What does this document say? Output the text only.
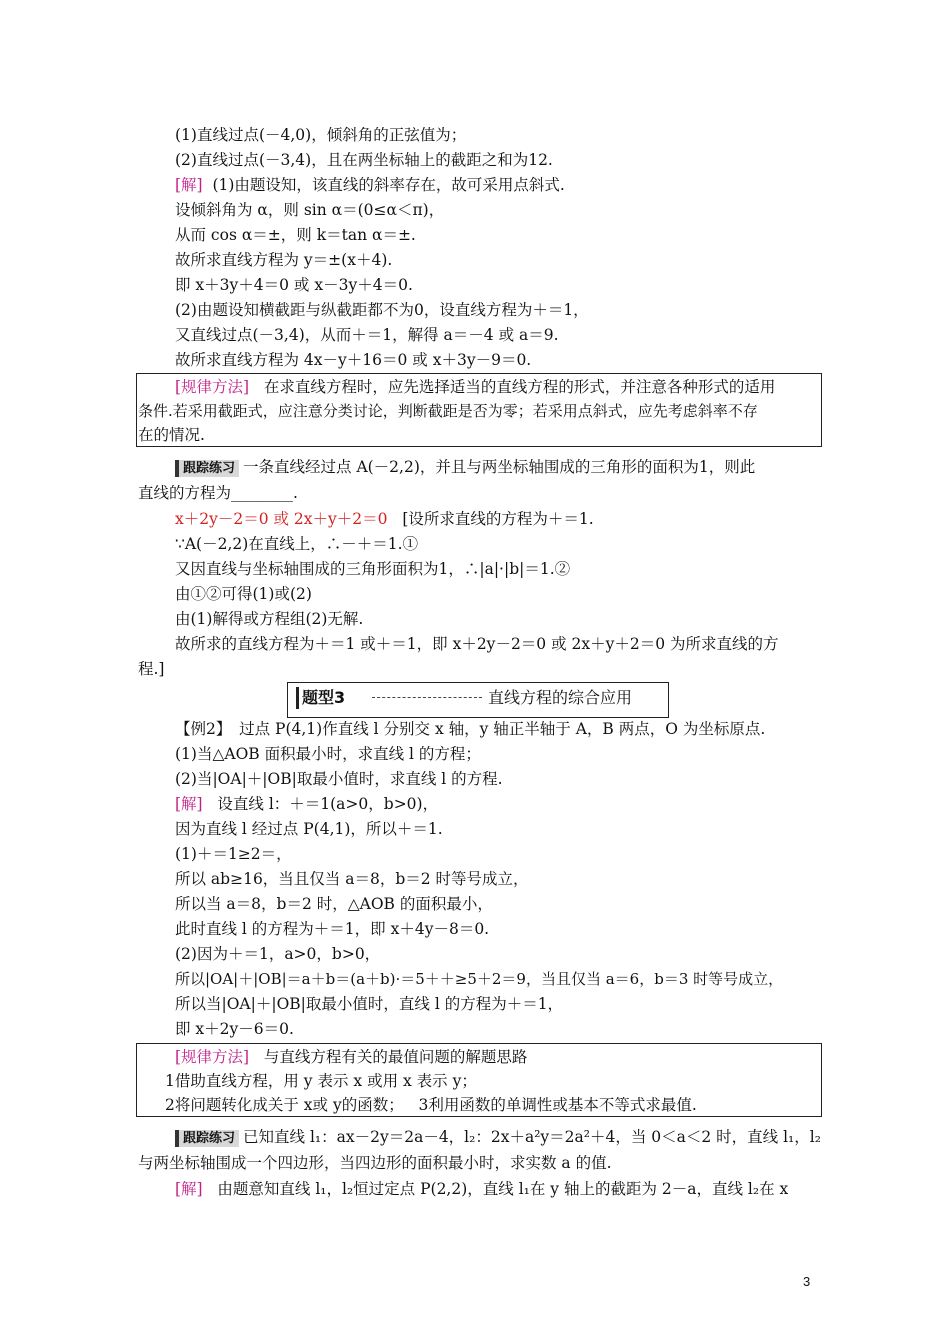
(1)直线过点(－4,0)，倾斜角的正弦值为；
(2)直线过点(－3,4)，且在两坐标轴上的截距之和为12.
[解] (1)由题设知，该直线的斜率存在，故可采用点斜式.
设倾斜角为 α，则 sin α＝(0≤α＜π)，
从而 cos α＝±，则 k＝tan α＝±.
故所求直线方程为 y＝±(x＋4).
即 x＋3y＋4＝0 或 x－3y＋4＝0.
(2)由题设知横截距与纵截距都不为0，设直线方程为＋＝1，
又直线过点(－3,4)，从而＋＝1，解得 a＝－4 或 a＝9.
故所求直线方程为 4x－y＋16＝0 或 x＋3y－9＝0.
[规律方法] 在求直线方程时，应先选择适当的直线方程的形式，并注意各种形式的适用
条件.若采用截距式，应注意分类讨论，判断截距是否为零；若采用点斜式，应先考虑斜率不存
在的情况.
跟踪练习 一条直线经过点 A(－2,2)，并且与两坐标轴围成的三角形的面积为1，则此
直线的方程为________.
x＋2y－2＝0 或 2x＋y＋2＝0 [设所求直线的方程为＋＝1.
∵A(－2,2)在直线上，∴－＋＝1.①
又因直线与坐标轴围成的三角形面积为1，∴|a|·|b|＝1.②
由①②可得(1)或(2)
由(1)解得或方程组(2)无解.
故所求的直线方程为＋＝1 或＋＝1，即 x＋2y－2＝0 或 2x＋y＋2＝0 为所求直线的方
程.]
题型3	直线方程的综合应用
【例2】　过点 P(4,1)作直线 l 分别交 x 轴，y 轴正半轴于 A，B 两点，O 为坐标原点.
(1)当△AOB 面积最小时，求直线 l 的方程；
(2)当|OA|＋|OB|取最小值时，求直线 l 的方程.
[解] 设直线 l：＋＝1(a>0，b>0)，
因为直线 l 经过点 P(4,1)，所以＋＝1.
(1)＋＝1≥2＝，
所以 ab≥16，当且仅当 a＝8，b＝2 时等号成立，
所以当 a＝8，b＝2 时，△AOB 的面积最小，
此时直线 l 的方程为＋＝1，即 x＋4y－8＝0.
(2)因为＋＝1，a>0，b>0，
所以|OA|＋|OB|＝a＋b＝(a＋b)·＝5＋＋≥5＋2＝9，当且仅当 a＝6，b＝3 时等号成立，
所以当|OA|＋|OB|取最小值时，直线 l 的方程为＋＝1，
即 x＋2y－6＝0.
[规律方法] 与直线方程有关的最值问题的解题思路
1借助直线方程，用 y 表示 x 或用 x 表示 y；
2将问题转化成关于 x或 y的函数； 3利用函数的单调性或基本不等式求最值.
跟踪练习 已知直线 l₁：ax－2y＝2a－4，l₂：2x＋a²y＝2a²＋4，当 0＜a＜2 时，直线 l₁，l₂
与两坐标轴围成一个四边形，当四边形的面积最小时，求实数 a 的值.
[解] 由题意知直线 l₁，l₂恒过定点 P(2,2)，直线 l₁在 y 轴上的截距为 2－a，直线 l₂在 x
3
